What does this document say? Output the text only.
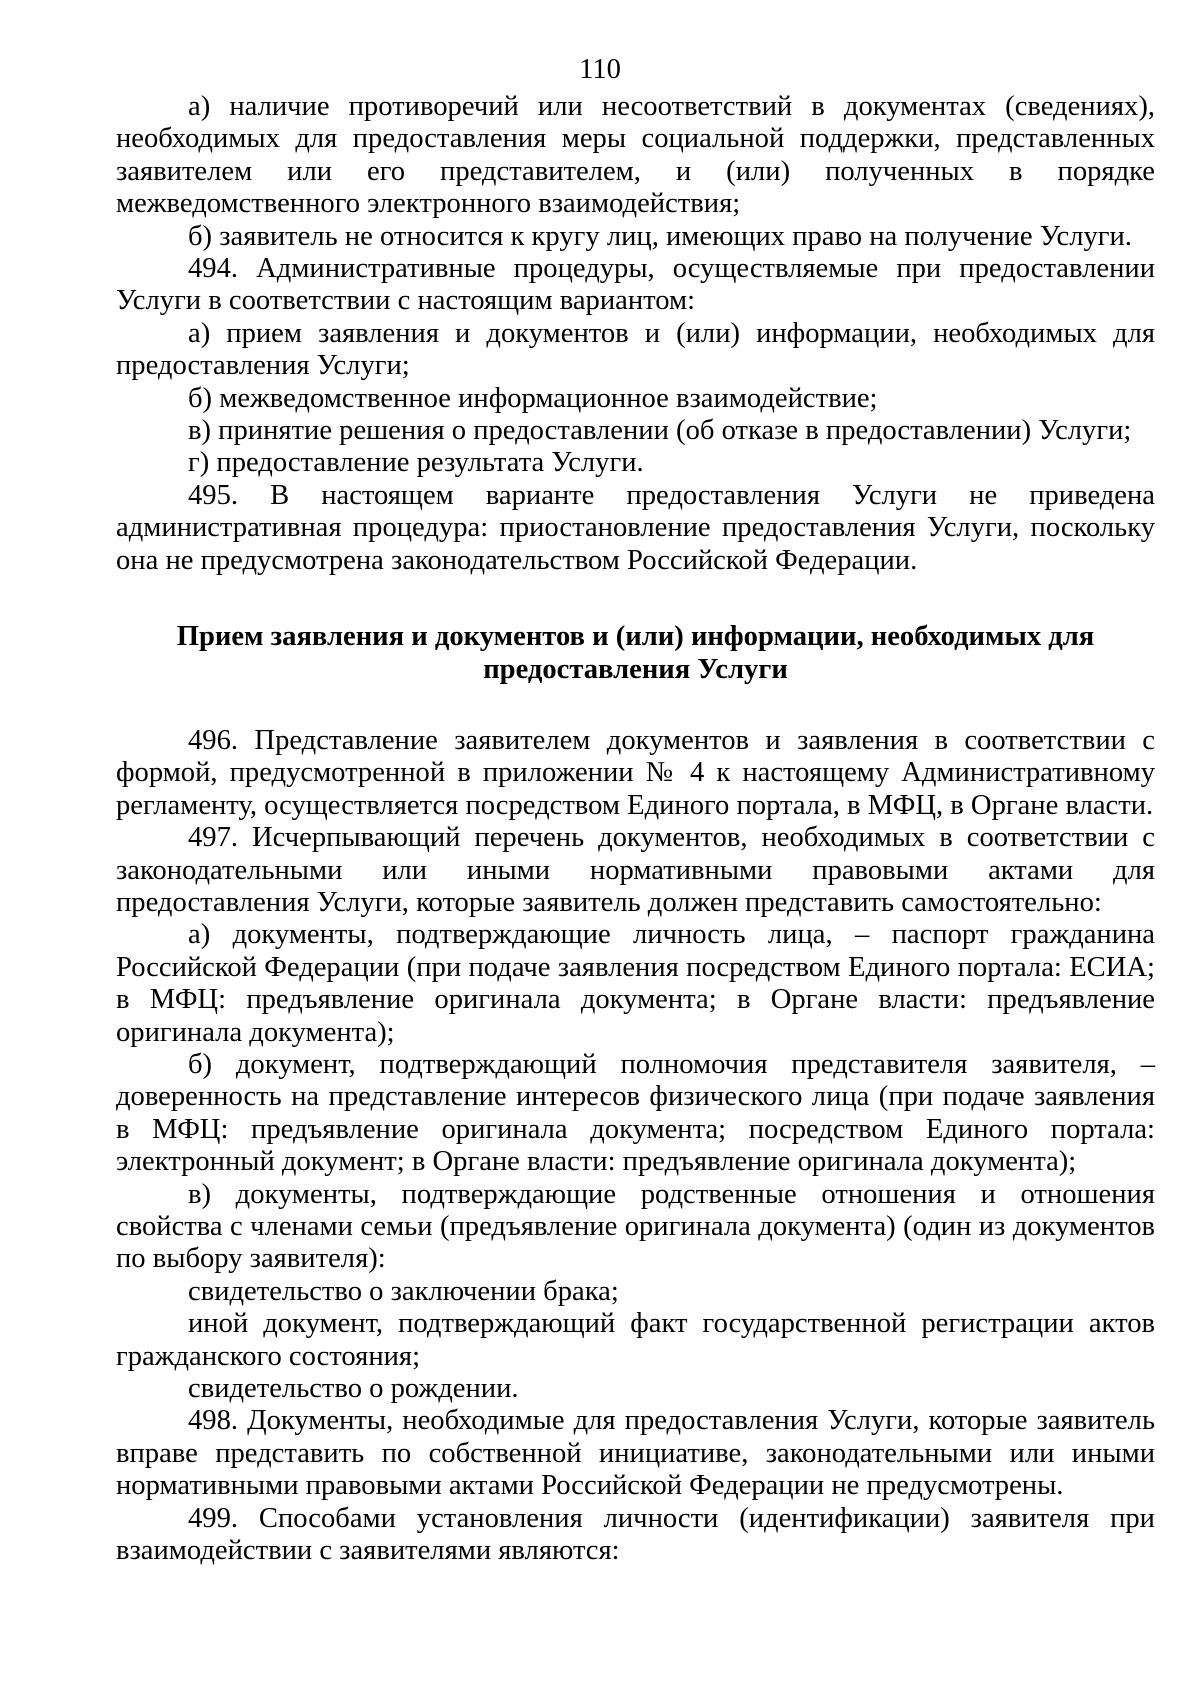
110

а) наличие противоречий или несоответствий в документах (сведениях), необходимых для предоставления меры социальной поддержки, представленных заявителем или его представителем, и (или) полученных в порядке межведомственного электронного взаимодействия;

б) заявитель не относится к кругу лиц, имеющих право на получение Услуги.

494. Административные процедуры, осуществляемые при предоставлении Услуги в соответствии с настоящим вариантом:

а) прием заявления и документов и (или) информации, необходимых для предоставления Услуги;

б) межведомственное информационное взаимодействие;

в) принятие решения о предоставлении (об отказе в предоставлении) Услуги;

г) предоставление результата Услуги.

495. В настоящем варианте предоставления Услуги не приведена административная процедура: приостановление предоставления Услуги, поскольку она не предусмотрена законодательством Российской Федерации.

Прием заявления и документов и (или) информации, необходимых для
предоставления Услуги

496. Представление заявителем документов и заявления в соответствии с формой, предусмотренной в приложении № 4 к настоящему Административному регламенту, осуществляется посредством Единого портала, в МФЦ, в Органе власти.

497. Исчерпывающий перечень документов, необходимых в соответствии с законодательными или иными нормативными правовыми актами для предоставления Услуги, которые заявитель должен представить самостоятельно:

а) документы, подтверждающие личность лица, – паспорт гражданина Российской Федерации (при подаче заявления посредством Единого портала: ЕСИА; в МФЦ: предъявление оригинала документа; в Органе власти: предъявление оригинала документа);

б) документ, подтверждающий полномочия представителя заявителя, – доверенность на представление интересов физического лица (при подаче заявления в МФЦ: предъявление оригинала документа; посредством Единого портала: электронный документ; в Органе власти: предъявление оригинала документа);

в) документы, подтверждающие родственные отношения и отношения свойства с членами семьи (предъявление оригинала документа) (один из документов по выбору заявителя):

свидетельство о заключении брака;

иной документ, подтверждающий факт государственной регистрации актов гражданского состояния;

свидетельство о рождении.

498. Документы, необходимые для предоставления Услуги, которые заявитель вправе представить по собственной инициативе, законодательными или иными нормативными правовыми актами Российской Федерации не предусмотрены.

499. Способами установления личности (идентификации) заявителя при взаимодействии с заявителями являются:
